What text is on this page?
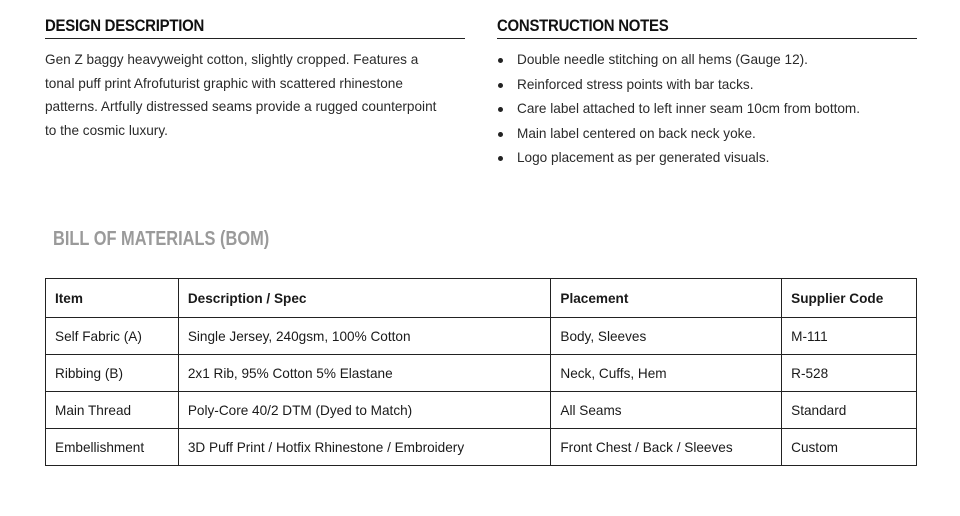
DESIGN DESCRIPTION

Gen Z baggy heavyweight cotton, slightly cropped. Features a
tonal puff print Afrofuturist graphic with scattered rhinestone
patterns. Artfully distressed seams provide a rugged counterpoint
to the cosmic luxury.

CONSTRUCTION NOTES
Double needle stitching on all hems (Gauge 12).
Reinforced stress points with bar tacks.
Care label attached to left inner seam 10cm from bottom.
Main label centered on back neck yoke.
Logo placement as per generated visuals.
BILL OF MATERIALS (BOM)
Item	Description / Spec	Placement	Supplier Code
Self Fabric (A)	Single Jersey, 240gsm, 100% Cotton	Body, Sleeves	M-111
Ribbing (B)	2x1 Rib, 95% Cotton 5% Elastane	Neck, Cuffs, Hem	R-528
Main Thread	Poly-Core 40/2 DTM (Dyed to Match)	All Seams	Standard
Embellishment	3D Puff Print / Hotfix Rhinestone / Embroidery	Front Chest / Back / Sleeves	Custom
